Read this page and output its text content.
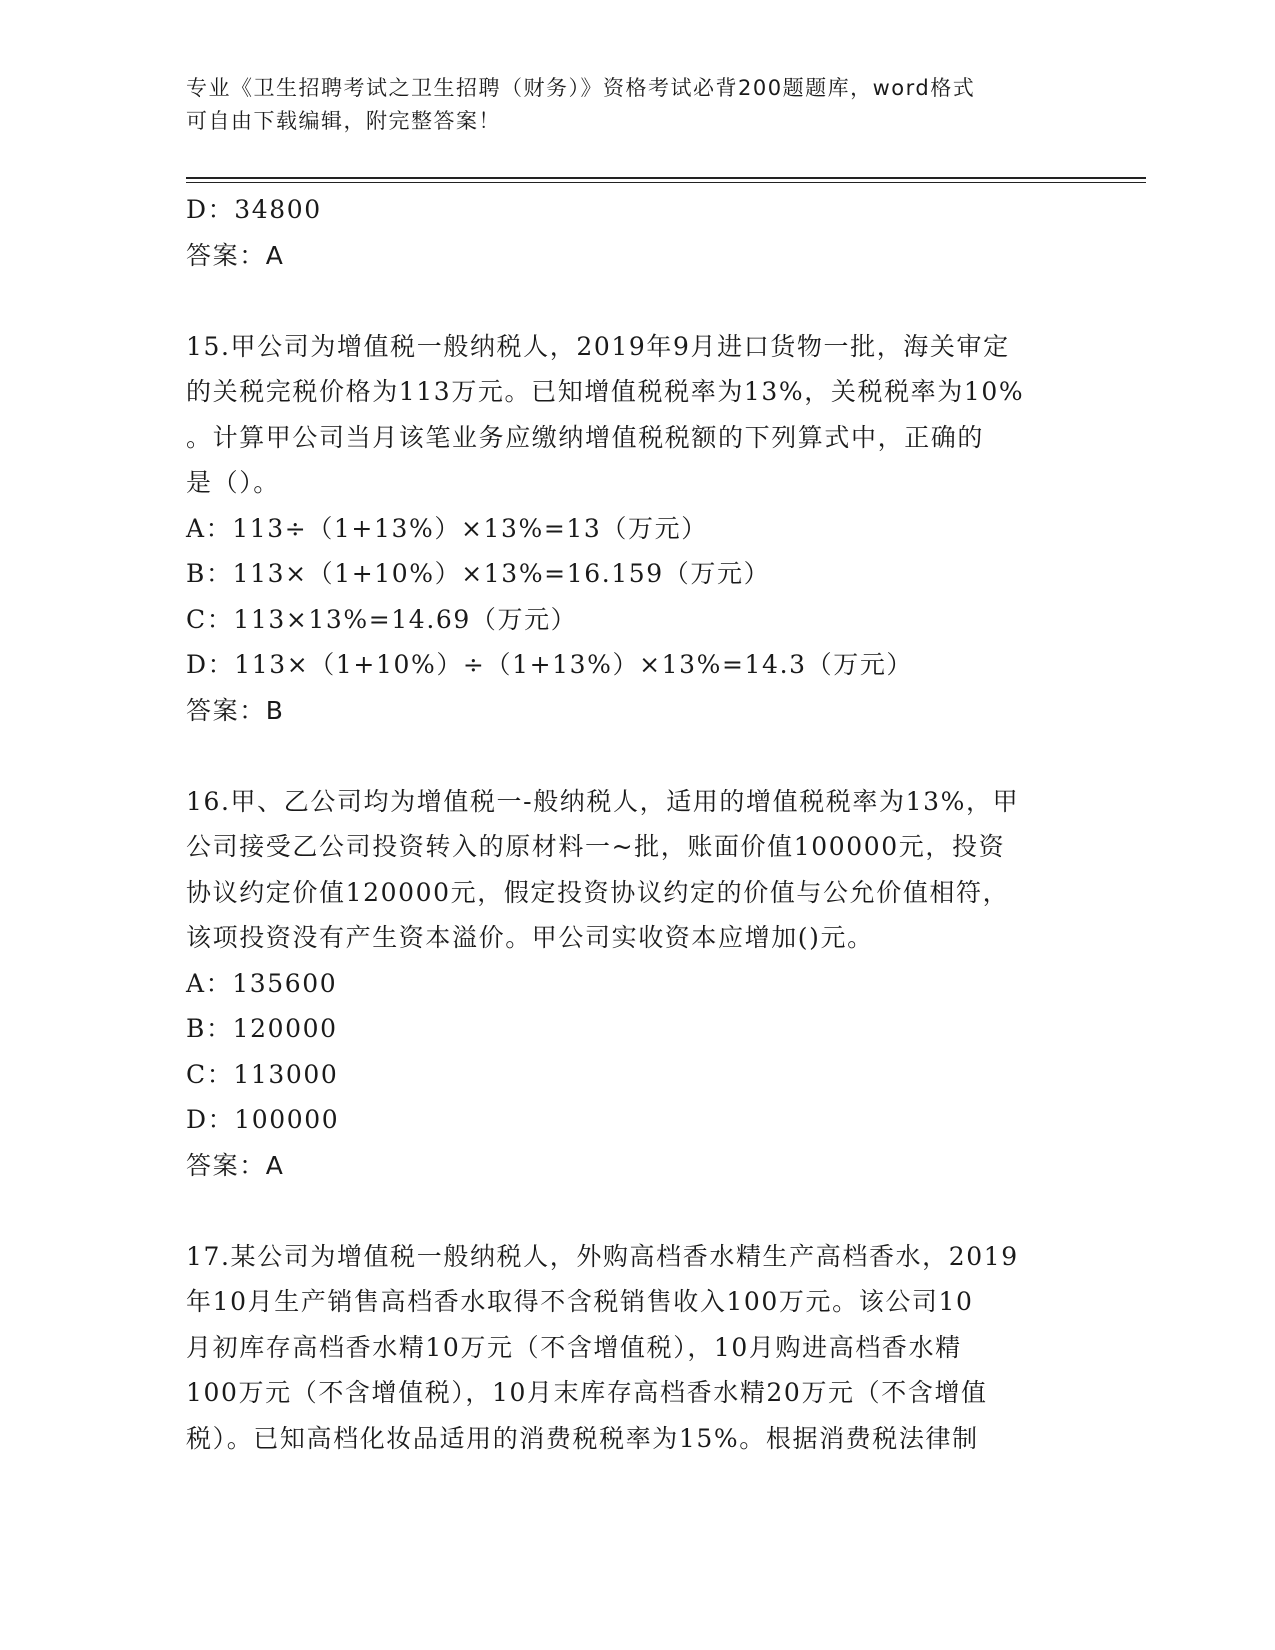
专业《卫生招聘考试之卫生招聘（财务）》资格考试必背200题题库，word格式
可自由下载编辑，附完整答案！
D：34800
答案：A
15.甲公司为增值税一般纳税人，2019年9月进口货物一批，海关审定
的关税完税价格为113万元。已知增值税税率为13%，关税税率为10%
。计算甲公司当月该笔业务应缴纳增值税税额的下列算式中，正确的
是（）。
A：113÷（1+13%）×13%=13（万元）
B：113×（1+10%）×13%=16.159（万元）
C：113×13%=14.69（万元）
D：113×（1+10%）÷（1+13%）×13%=14.3（万元）
答案：B
16.甲、乙公司均为增值税一-般纳税人，适用的增值税税率为13%，甲
公司接受乙公司投资转入的原材料一~批，账面价值100000元，投资
协议约定价值120000元，假定投资协议约定的价值与公允价值相符，
该项投资没有产生资本溢价。甲公司实收资本应增加()元。
A：135600
B：120000
C：113000
D：100000
答案：A
17.某公司为增值税一般纳税人，外购高档香水精生产高档香水，2019
年10月生产销售高档香水取得不含税销售收入100万元。该公司10
月初库存高档香水精10万元（不含增值税），10月购进高档香水精
100万元（不含增值税），10月末库存高档香水精20万元（不含增值
税）。已知高档化妆品适用的消费税税率为15%。根据消费税法律制
